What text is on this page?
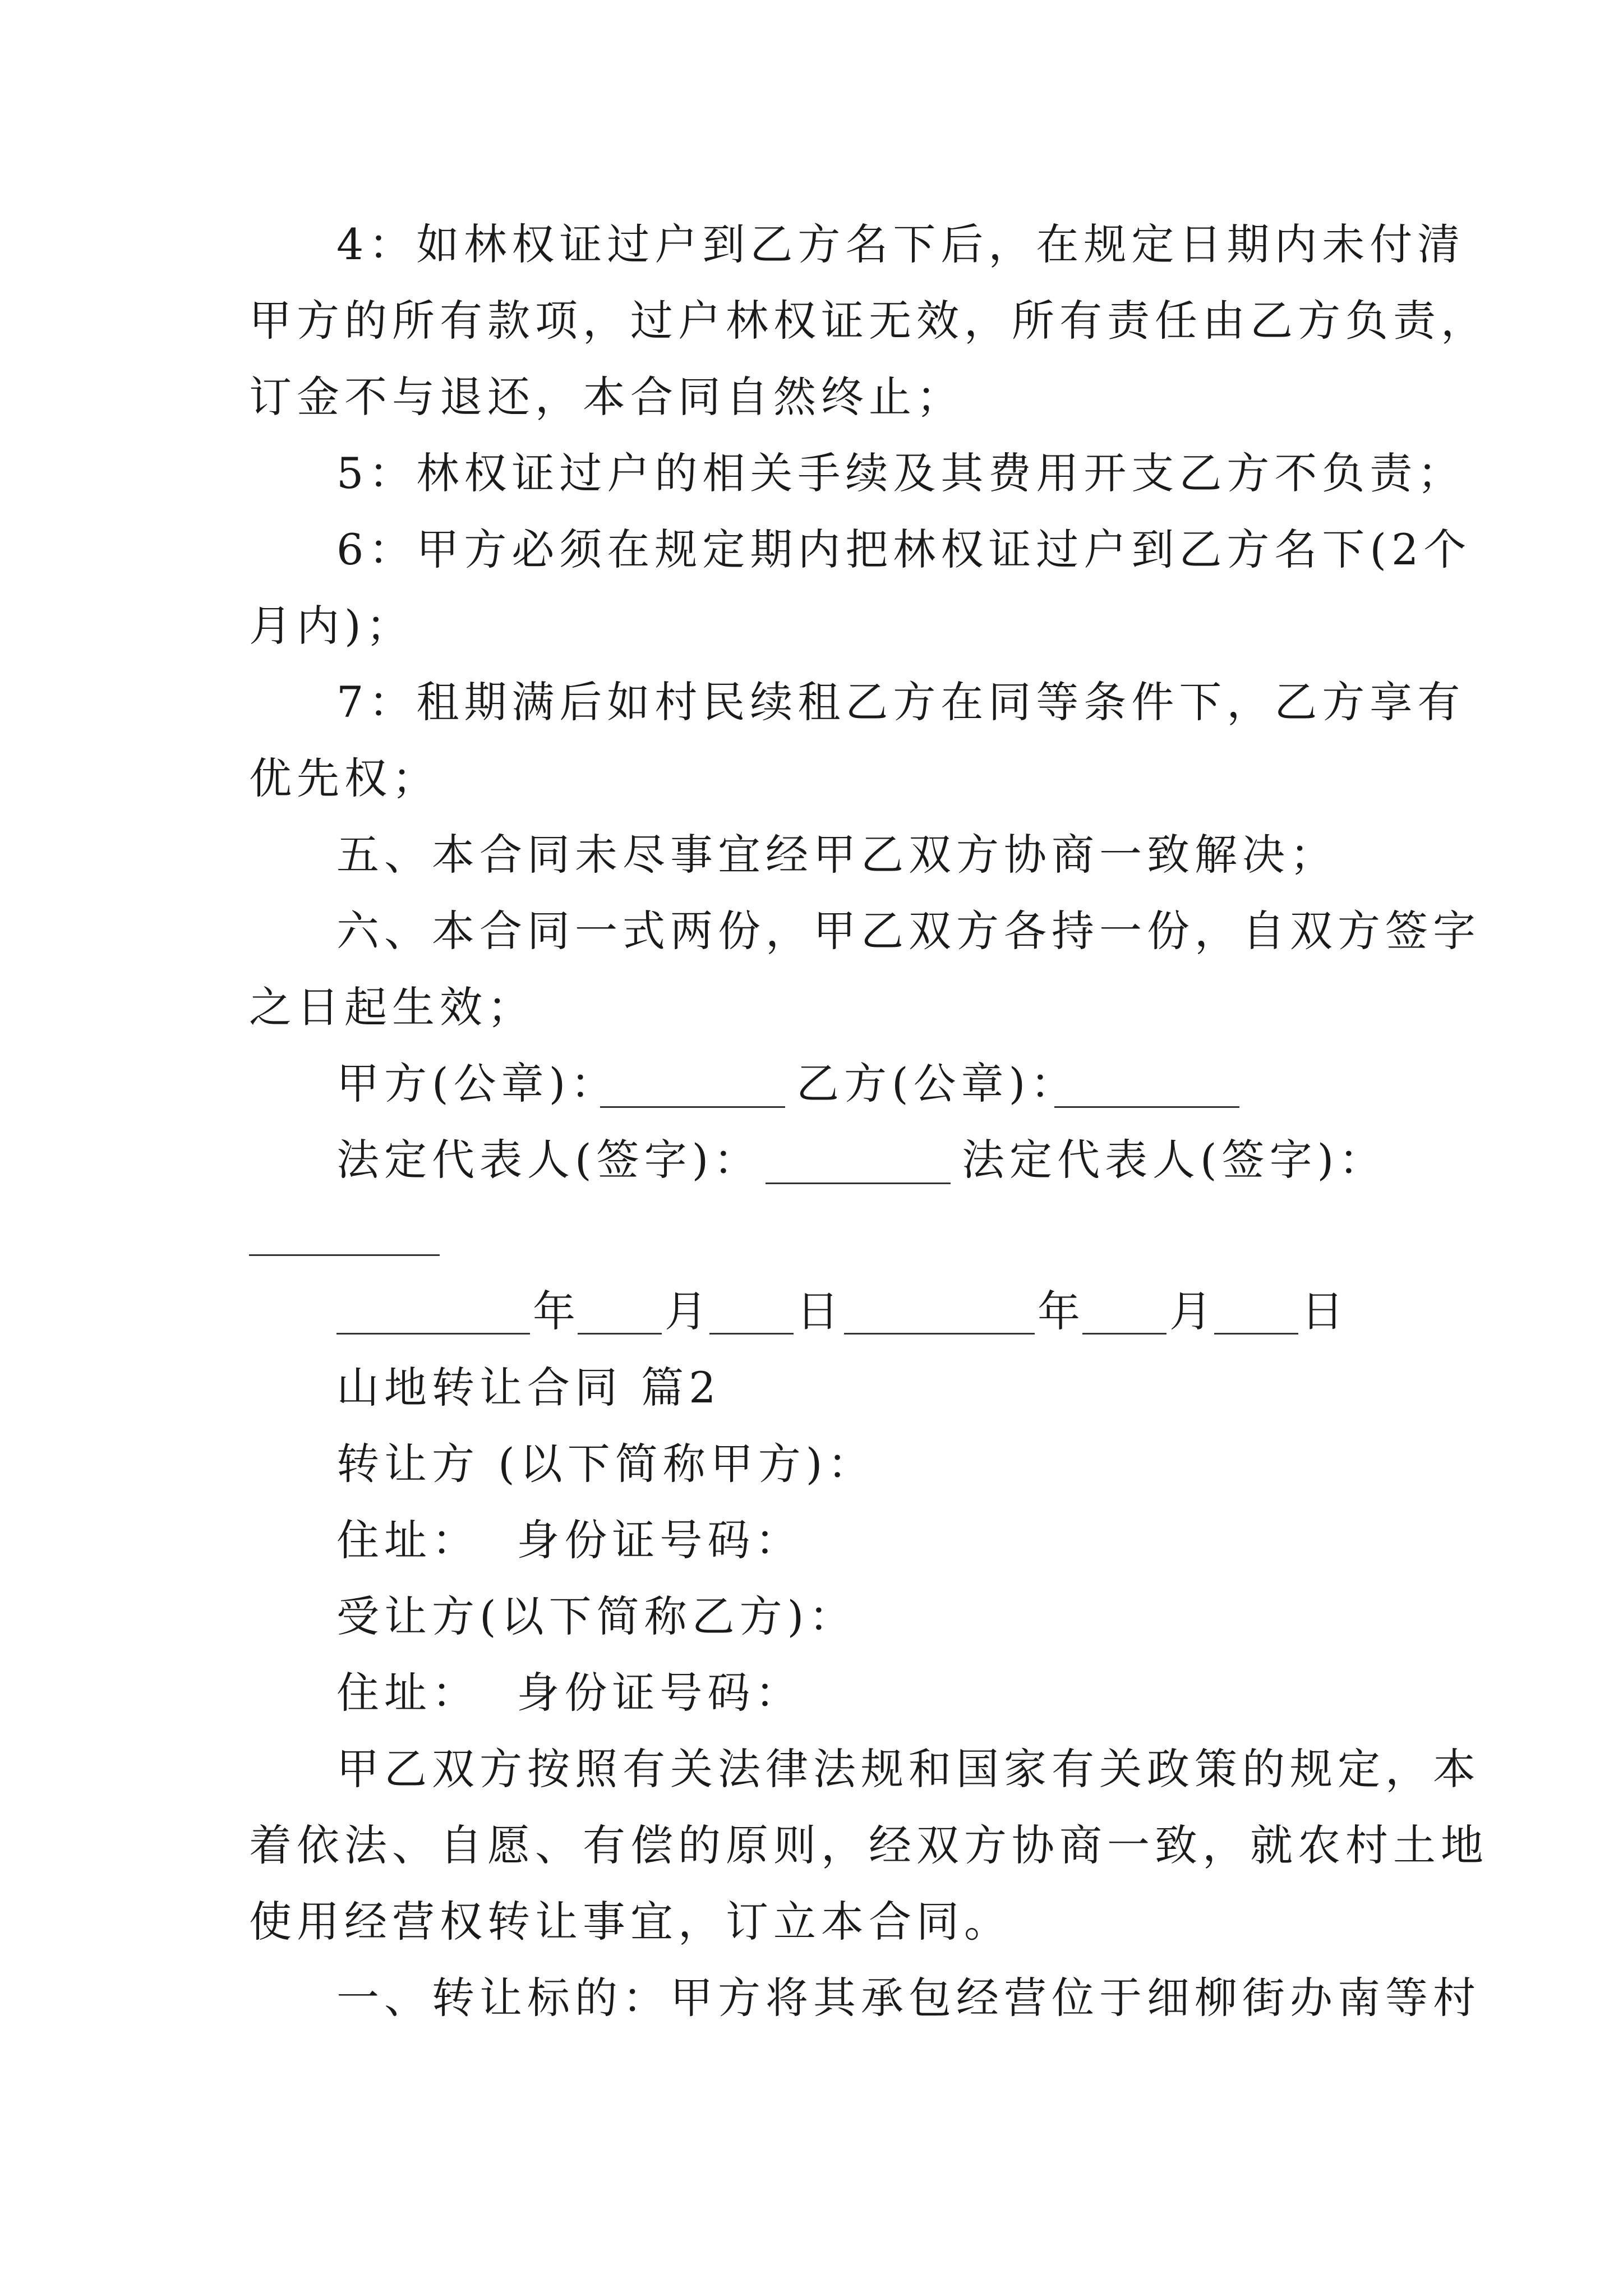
4：如林权证过户到乙方名下后，在规定日期内未付清
甲方的所有款项，过户林权证无效，所有责任由乙方负责，
订金不与退还，本合同自然终止；
5：林权证过户的相关手续及其费用开支乙方不负责；
6：甲方必须在规定期内把林权证过户到乙方名下(2个
月内)；
7：租期满后如村民续租乙方在同等条件下，乙方享有
优先权；
五、本合同未尽事宜经甲乙双方协商一致解决；
六、本合同一式两份，甲乙双方各持一份，自双方签字
之日起生效；
甲方(公章)：	乙方(公章)：
法定代表人(签字)：	法定代表人(签字)：
年 月 日	年 月 日
山地转让合同 篇2
转让方 (以下简称甲方)：
住址：  身份证号码：
受让方(以下简称乙方)：
住址：  身份证号码：
甲乙双方按照有关法律法规和国家有关政策的规定，本
着依法、自愿、有偿的原则，经双方协商一致，就农村土地
使用经营权转让事宜，订立本合同。
一、转让标的：甲方将其承包经营位于细柳街办南等村
